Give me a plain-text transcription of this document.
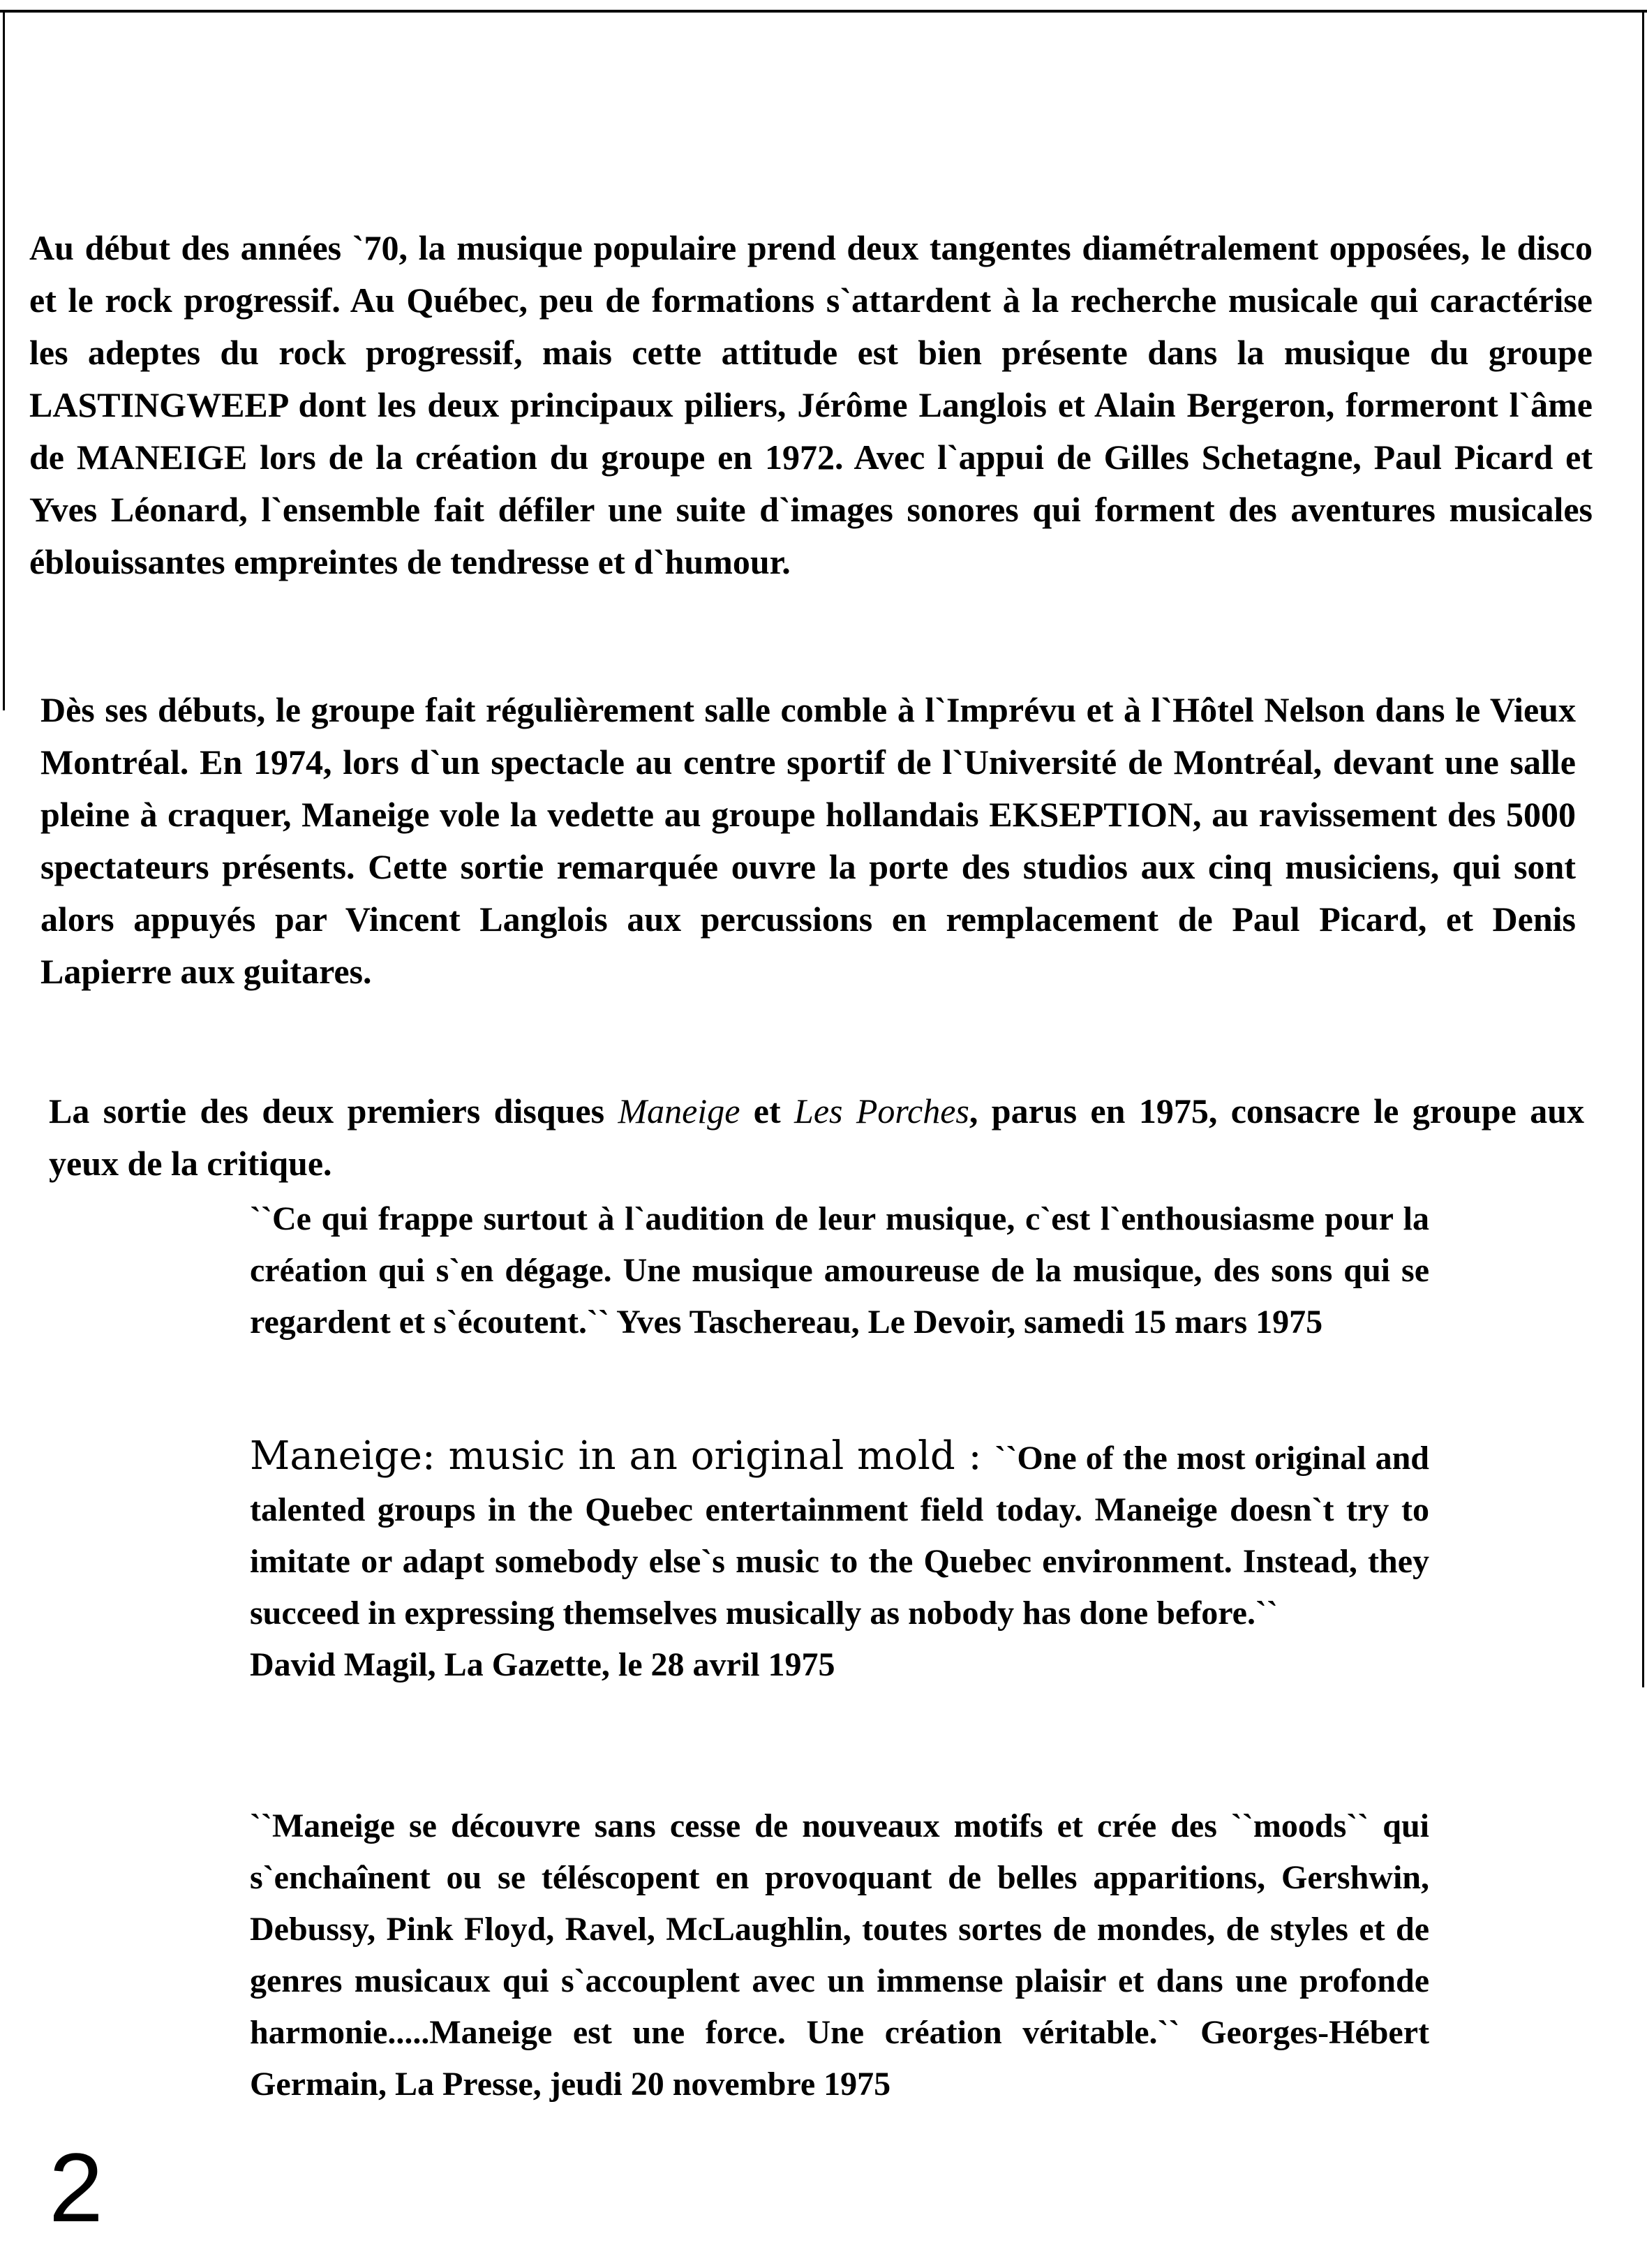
Au début des années `70, la musique populaire prend deux tangentes diamétralement opposées, le disco et le rock progressif. Au Québec, peu de formations s`attardent à la recherche musicale qui caractérise les adeptes du rock progressif, mais cette attitude est bien présente dans la musique du groupe LASTINGWEEP dont les deux principaux piliers, Jérôme Langlois et Alain Bergeron, formeront l`âme de MANEIGE lors de la création du groupe en 1972. Avec l`appui de Gilles Schetagne, Paul Picard et Yves Léonard, l`ensemble fait défiler une suite d`images sonores qui forment des aventures musicales éblouissantes empreintes de tendresse et d`humour.

Dès ses débuts, le groupe fait régulièrement salle comble à l`Imprévu et à l`Hôtel Nelson dans le Vieux Montréal. En 1974, lors d`un spectacle au centre sportif de l`Université de Montréal, devant une salle pleine à craquer, Maneige vole la vedette au groupe hollandais EKSEPTION, au ravissement des 5000 spectateurs présents. Cette sortie remarquée ouvre la porte des studios aux cinq musiciens, qui sont alors appuyés par Vincent Langlois aux percussions en remplacement de Paul Picard, et Denis Lapierre aux guitares.

La sortie des deux premiers disques Maneige et Les Porches, parus en 1975, consacre le groupe aux yeux de la critique.

``Ce qui frappe surtout à l`audition de leur musique, c`est l`enthousiasme pour la création qui s`en dégage. Une musique amoureuse de la musique, des sons qui se regardent et s`écoutent.`` Yves Taschereau, Le Devoir, samedi 15 mars 1975

Maneige: music in an original mold : ``One of the most original and talented groups in the Quebec entertainment field today. Maneige doesn`t try to imitate or adapt somebody else`s music to the Quebec environment. Instead, they succeed in expressing themselves musically as nobody has done before.``
David Magil, La Gazette, le 28 avril 1975

``Maneige se découvre sans cesse de nouveaux motifs et crée des ``moods`` qui s`enchaînent ou se téléscopent en provoquant de belles apparitions, Gershwin, Debussy, Pink Floyd, Ravel, McLaughlin, toutes sortes de mondes, de styles et de genres musicaux qui s`accouplent avec un immense plaisir et dans une profonde harmonie.....Maneige est une force. Une création véritable.`` Georges-Hébert Germain, La Presse, jeudi 20 novembre 1975

2
